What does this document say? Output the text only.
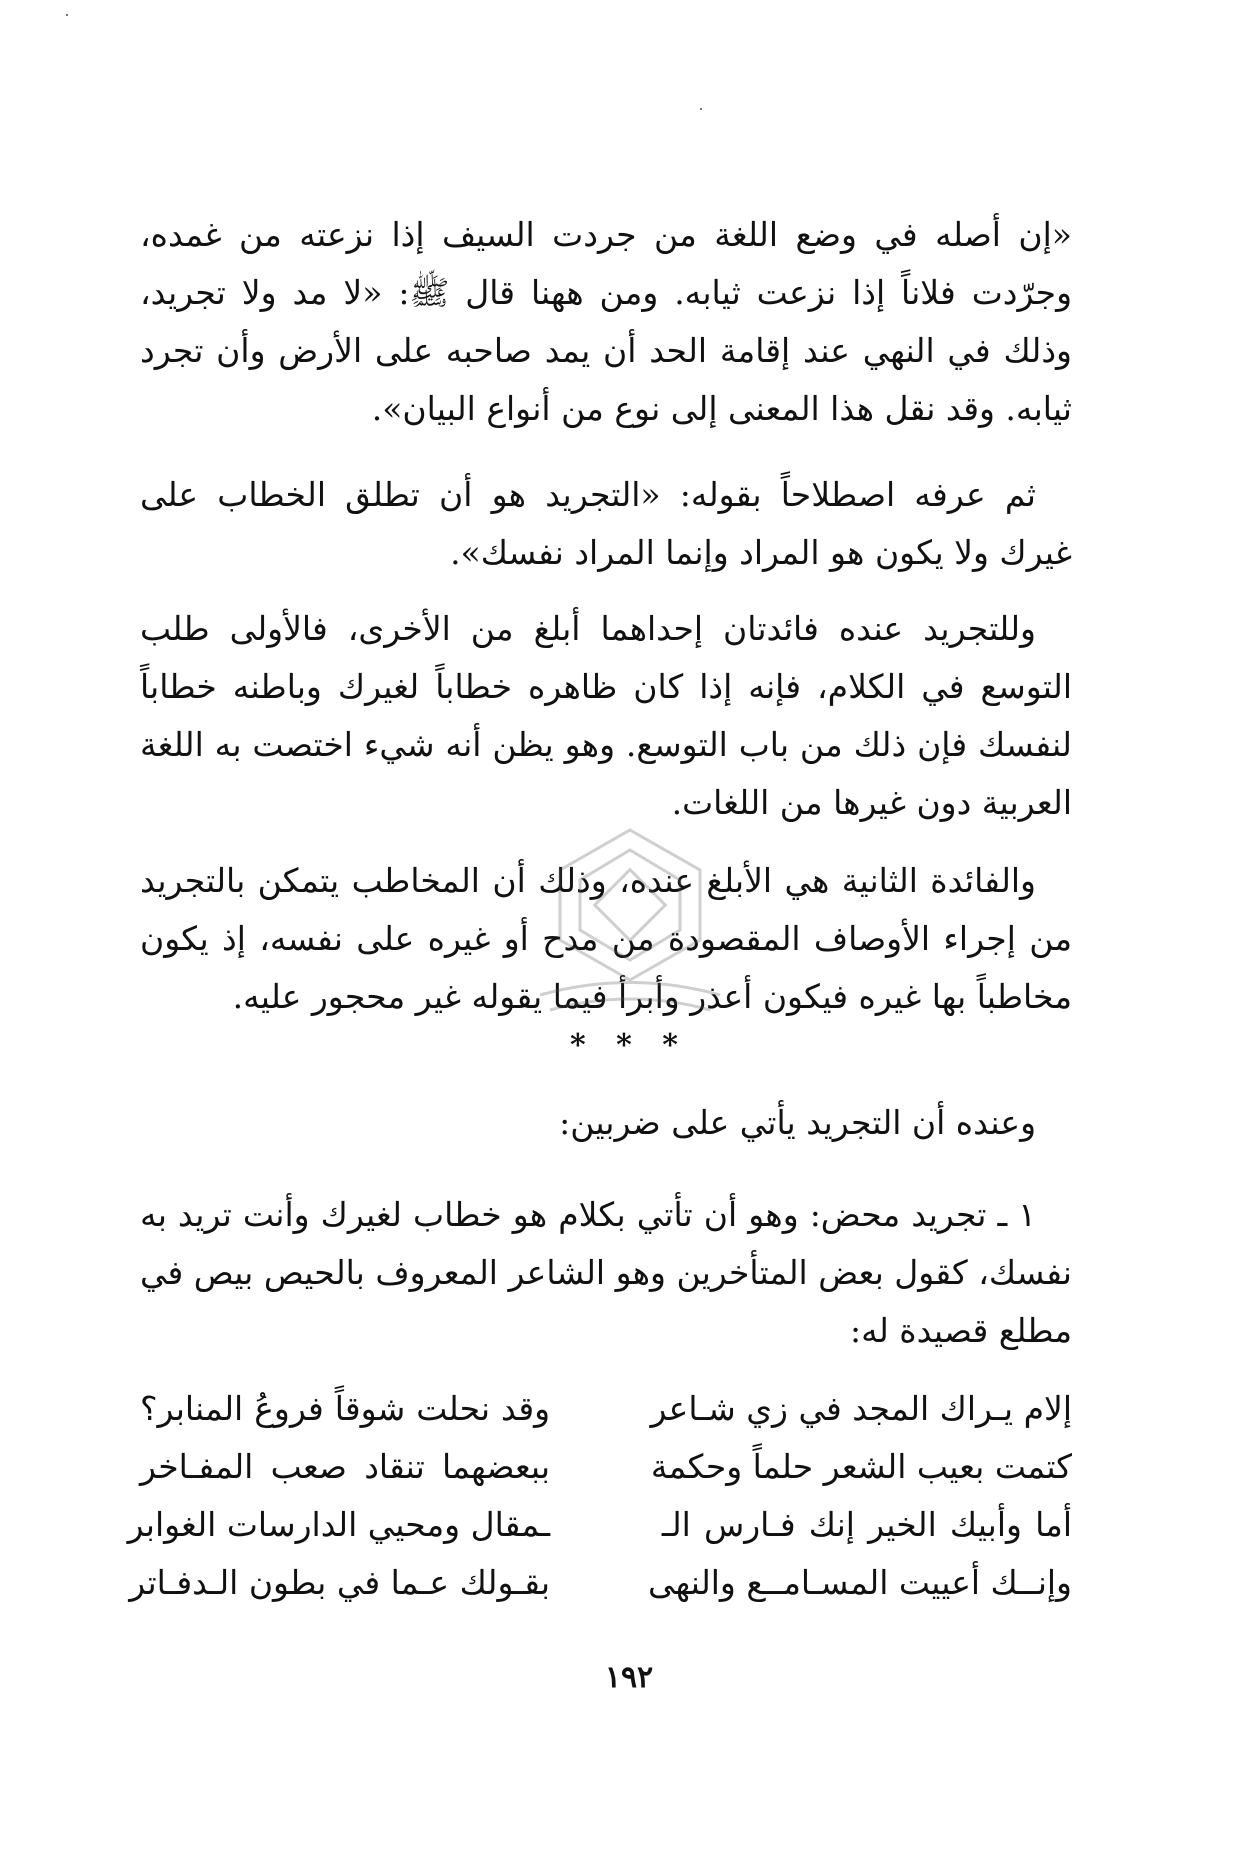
«إن أصله في وضع اللغة من جردت السيف إذا نزعته من غمده، وجرّدت فلاناً إذا نزعت ثيابه. ومن ههنا قال ﷺ: «لا مد ولا تجريد، وذلك في النهي عند إقامة الحد أن يمد صاحبه على الأرض وأن تجرد ثيابه. وقد نقل هذا المعنى إلى نوع من أنواع البيان».

ثم عرفه اصطلاحاً بقوله: «التجريد هو أن تطلق الخطاب على غيرك ولا يكون هو المراد وإنما المراد نفسك».

وللتجريد عنده فائدتان إحداهما أبلغ من الأخرى، فالأولى طلب التوسع في الكلام، فإنه إذا كان ظاهره خطاباً لغيرك وباطنه خطاباً لنفسك فإن ذلك من باب التوسع. وهو يظن أنه شيء اختصت به اللغة العربية دون غيرها من اللغات.

والفائدة الثانية هي الأبلغ عنده، وذلك أن المخاطب يتمكن بالتجريد من إجراء الأوصاف المقصودة من مدح أو غيره على نفسه، إذ يكون مخاطباً بها غيره فيكون أعذر وأبرأ فيما يقوله غير محجور عليه.

* * *

وعنده أن التجريد يأتي على ضربين:

١ ـ تجريد محض: وهو أن تأتي بكلام هو خطاب لغيرك وأنت تريد به نفسك، كقول بعض المتأخرين وهو الشاعر المعروف بالحيص بيص في مطلع قصيدة له:

إلام يـراك المجد في زي شـاعر
وقد نحلت شوقاً فروعُ المنابر؟
كتمت بعيب الشعر حلماً وحكمة
ببعضهما تنقاد صعب المفـاخر
أما وأبيك الخير إنك فـارس الـ
ـمقال ومحيي الدارسات الغوابر
وإنــك أعييت المسـامــع والنهى
بقـولك عـما في بطون الـدفـاتر
١٩٢
